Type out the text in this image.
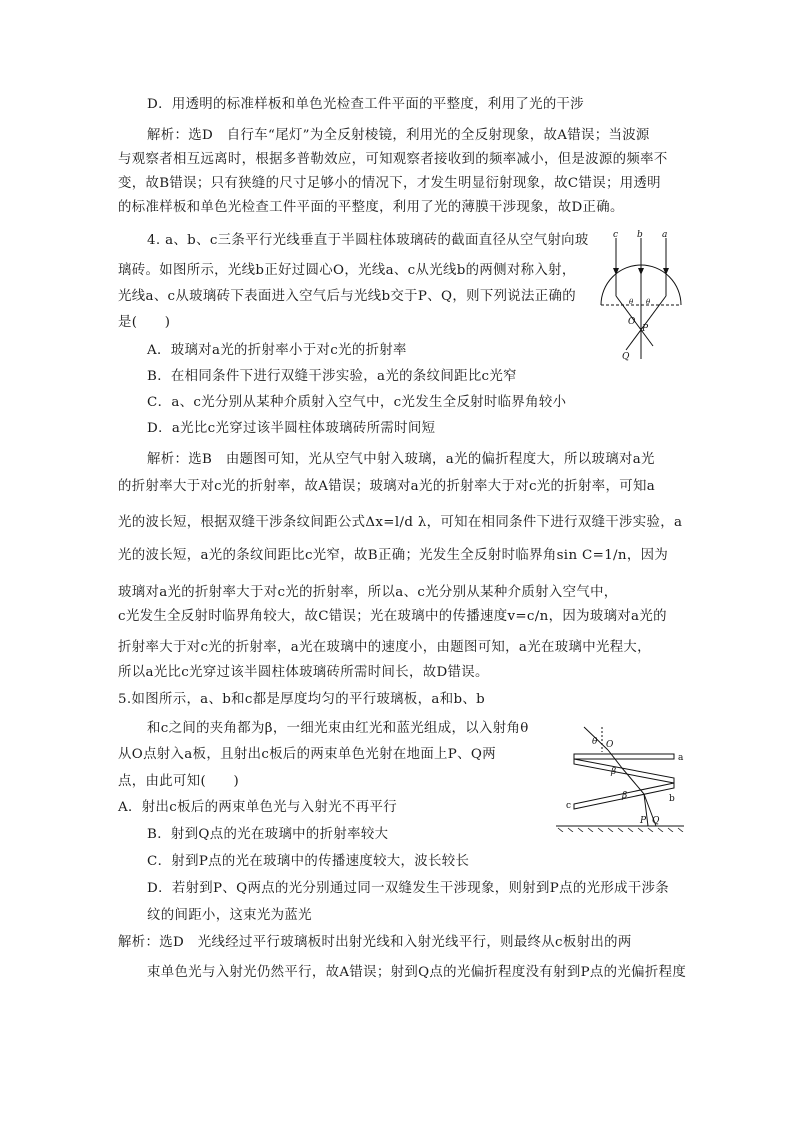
D．用透明的标准样板和单色光检查工件平面的平整度，利用了光的干涉
解析：选D　自行车“尾灯”为全反射棱镜，利用光的全反射现象，故A错误；当波源
与观察者相互远离时，根据多普勒效应，可知观察者接收到的频率减小，但是波源的频率不
变，故B错误；只有狭缝的尺寸足够小的情况下，才发生明显衍射现象，故C错误；用透明
的标准样板和单色光检查工件平面的平整度，利用了光的薄膜干涉现象，故D正确。
4. a、b、c三条平行光线垂直于半圆柱体玻璃砖的截面直径从空气射向玻
璃砖。如图所示，光线b正好过圆心O，光线a、c从光线b的两侧对称入射，
光线a、c从玻璃砖下表面进入空气后与光线b交于P、Q，则下列说法正确的
是(　　)
A．玻璃对a光的折射率小于对c光的折射率
B．在相同条件下进行双缝干涉实验，a光的条纹间距比c光窄
C．a、c光分别从某种介质射入空气中，c光发生全反射时临界角较小
D．a光比c光穿过该半圆柱体玻璃砖所需时间短
解析：选B　由题图可知，光从空气中射入玻璃，a光的偏折程度大，所以玻璃对a光
的折射率大于对c光的折射率，故A错误；玻璃对a光的折射率大于对c光的折射率，可知a
光的波长短，根据双缝干涉条纹间距公式Δx=l/d λ，可知在相同条件下进行双缝干涉实验，a
光的波长短，a光的条纹间距比c光窄，故B正确；光发生全反射时临界角sin C=1/n，因为
玻璃对a光的折射率大于对c光的折射率，所以a、c光分别从某种介质射入空气中，
c光发生全反射时临界角较大，故C错误；光在玻璃中的传播速度v=c/n，因为玻璃对a光的
折射率大于对c光的折射率，a光在玻璃中的速度小，由题图可知，a光在玻璃中光程大，
所以a光比c光穿过该半圆柱体玻璃砖所需时间长，故D错误。
5.如图所示，a、b和c都是厚度均匀的平行玻璃板，a和b、b
和c之间的夹角都为β，一细光束由红光和蓝光组成，以入射角θ
从O点射入a板，且射出c板后的两束单色光射在地面上P、Q两
点，由此可知(　　)
A．射出c板后的两束单色光与入射光不再平行
B．射到Q点的光在玻璃中的折射率较大
C．射到P点的光在玻璃中的传播速度较大，波长较长
D．若射到P、Q两点的光分别通过同一双缝发生干涉现象，则射到P点的光形成干涉条
纹的间距小，这束光为蓝光
解析：选D　光线经过平行玻璃板时出射光线和入射光线平行，则最终从c板射出的两
束单色光与入射光仍然平行，故A错误；射到Q点的光偏折程度没有射到P点的光偏折程度
c b a
O
θ θ
P
Q
θ O
a
β
β	b
c
P Q
